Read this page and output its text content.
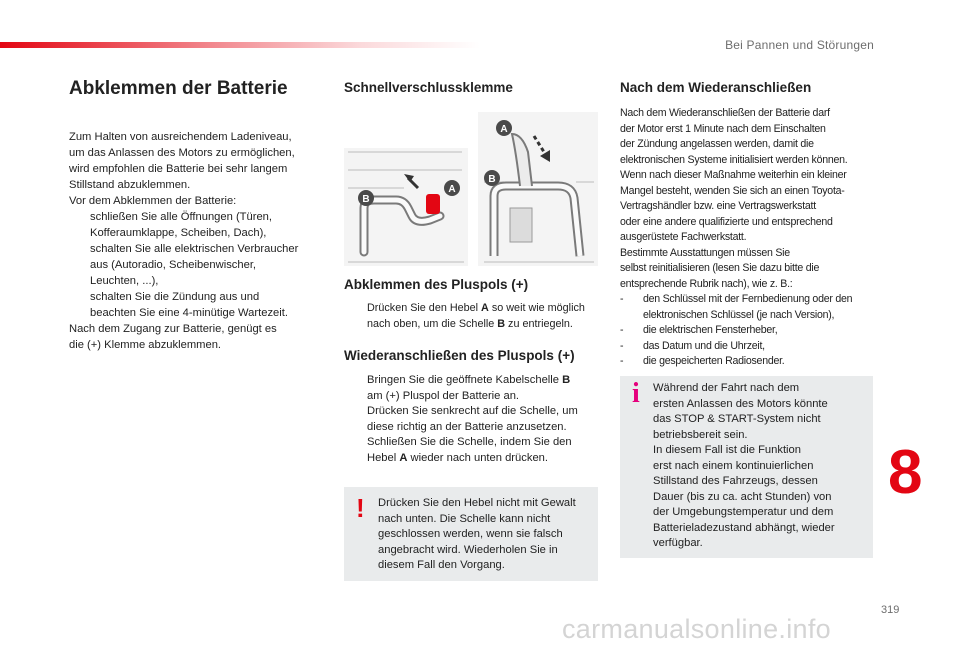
Bei Pannen und Störungen
Abklemmen der Batterie

Zum Halten von ausreichendem Ladeniveau,

um das Anlassen des Motors zu ermöglichen,

wird empfohlen die Batterie bei sehr langem

Stillstand abzuklemmen.

Vor dem Abklemmen der Batterie:

schließen Sie alle Öffnungen (Türen,
Kofferaumklappe, Scheiben, Dach),
schalten Sie alle elektrischen Verbraucher
aus (Autoradio, Scheibenwischer,
Leuchten, ...),
schalten Sie die Zündung aus und
beachten Sie eine 4-minütige Wartezeit.

Nach dem Zugang zur Batterie, genügt es

die (+) Klemme abzuklemmen.

Schnellverschlussklemme
B
A
A
B
Abklemmen des Pluspols (+)
Drücken Sie den Hebel A so weit wie möglich
nach oben, um die Schelle B zu entriegeln.
Wiederanschließen des Pluspols (+)
Bringen Sie die geöffnete Kabelschelle B
am (+) Pluspol der Batterie an.
Drücken Sie senkrecht auf die Schelle, um
diese richtig an der Batterie anzusetzen.
Schließen Sie die Schelle, indem Sie den
Hebel A wieder nach unten drücken.
! Drücken Sie den Hebel nicht mit Gewalt
nach unten. Die Schelle kann nicht
geschlossen werden, wenn sie falsch
angebracht wird. Wiederholen Sie in
diesem Fall den Vorgang.
Nach dem Wiederanschließen
Nach dem Wiederanschließen der Batterie darf
der Motor erst 1 Minute nach dem Einschalten
der Zündung angelassen werden, damit die
elektronischen Systeme initialisiert werden können.
Wenn nach dieser Maßnahme weiterhin ein kleiner
Mangel besteht, wenden Sie sich an einen Toyota-
Vertragshändler bzw. eine Vertragswerkstatt
oder eine andere qualifizierte und entsprechend
ausgerüstete Fachwerkstatt.
Bestimmte Ausstattungen müssen Sie
selbst reinitialisieren (lesen Sie dazu bitte die
entsprechende Rubrik nach), wie z. B.:
- den Schlüssel mit der Fernbedienung oder den
elektronischen Schlüssel (je nach Version),
- die elektrischen Fensterheber,
- das Datum und die Uhrzeit,
- die gespeicherten Radiosender.
i Während der Fahrt nach dem
ersten Anlassen des Motors könnte
das STOP & START-System nicht
betriebsbereit sein.
In diesem Fall ist die Funktion
erst nach einem kontinuierlichen
Stillstand des Fahrzeugs, dessen
Dauer (bis zu ca. acht Stunden) von
der Umgebungstemperatur und dem
Batterieladezustand abhängt, wieder
verfügbar.
8
319
carmanualsonline.info
